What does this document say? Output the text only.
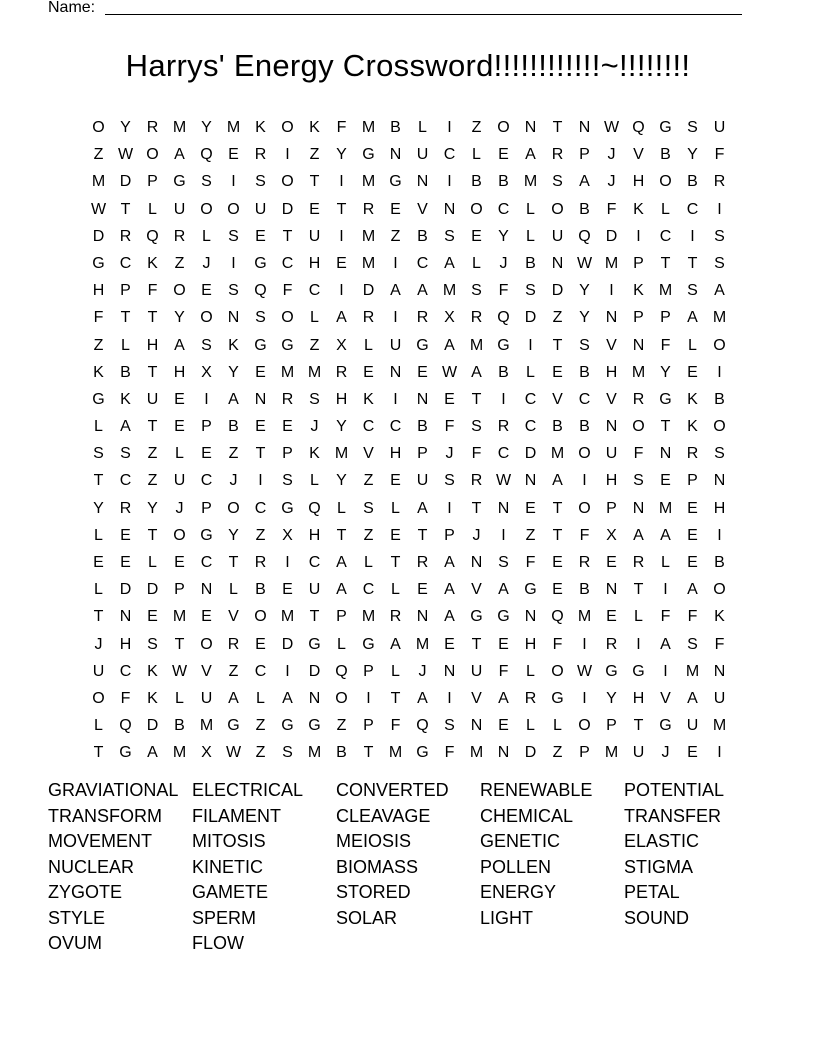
Name:
Harrys' Energy Crossword!!!!!!!!!!!!~!!!!!!!!
O Y R M Y M K O K	F M B	L	I	Z O N	T	N W Q G S U
Z W O A Q E R	I	Z	Y G N U C	L	E	A R P	J	V	B	Y	F
M D P G S	I	S O T	I	M G N	I	B	B M S	A	J	H O B R
W T	L	U O O U D E	T	R E	V N O C	L	O B	F	K	L	C	I
D R Q R	L	S	E	T	U	I	M Z	B	S	E	Y	L	U Q D	I	C	I	S
G C K	Z	J	I	G C H E M	I	C A	L	J	B N W M P	T	T	S
H P	F O E	S Q F	C	I	D A	A M S	F	S D Y	I	K M S	A
F	T	T	Y O N S O	L	A R	I	R X R Q D	Z	Y N P	P	A M
Z	L	H A	S	K G G Z	X	L	U G A M G	I	T	S	V N	F	L	O
K	B	T	H X	Y	E M M R E N E W A	B	L	E	B H M Y	E	I
G K U E	I	A N R S H K	I	N E	T	I	C V C V R G K	B
L	A	T	E	P	B	E	E	J	Y C C B	F	S R C B	B N O T	K O
S	S	Z	L	E	Z	T	P	K M V H P	J	F	C D M O U	F	N R S
T	C	Z	U C	J	I	S	L	Y	Z	E U S R W N A	I	H S	E	P N
Y R Y	J	P O C G Q	L	S	L	A	I	T	N E	T O P N M E H
L	E	T O G Y	Z	X H	T	Z	E	T	P	J	I	Z	T	F	X	A	A	E	I
E	E	L	E C	T	R	I	C A	L	T	R A N S	F	E R E R	L	E	B
L	D D P N	L	B	E U A C	L	E	A	V	A G E	B N	T	I	A O
T	N E M E	V O M T	P M R N A G G N Q M E	L	F	F	K
J	H S	T O R E D G	L	G A M E	T	E H	F	I	R	I	A	S	F
U C K W V	Z	C	I	D Q P	L	J	N U	F	L	O W G G	I	M N
O F	K	L	U A	L	A N O	I	T	A	I	V	A R G	I	Y H V	A U
L	Q D B M G Z G G Z	P	F Q S N E	L	L	O P	T G U M
T G A M X W Z	S M B	T M G F M N D	Z	P M U	J	E	I
GRAVIATIONAL ELECTRICAL	CONVERTED	RENEWABLE	POTENTIAL
TRANSFORM	FILAMENT	CLEAVAGE	CHEMICAL	TRANSFER
MOVEMENT	MITOSIS	MEIOSIS	GENETIC	ELASTIC
NUCLEAR	KINETIC	BIOMASS	POLLEN	STIGMA
ZYGOTE	GAMETE	STORED	ENERGY	PETAL
STYLE	SPERM	SOLAR	LIGHT	SOUND
OVUM	FLOW
